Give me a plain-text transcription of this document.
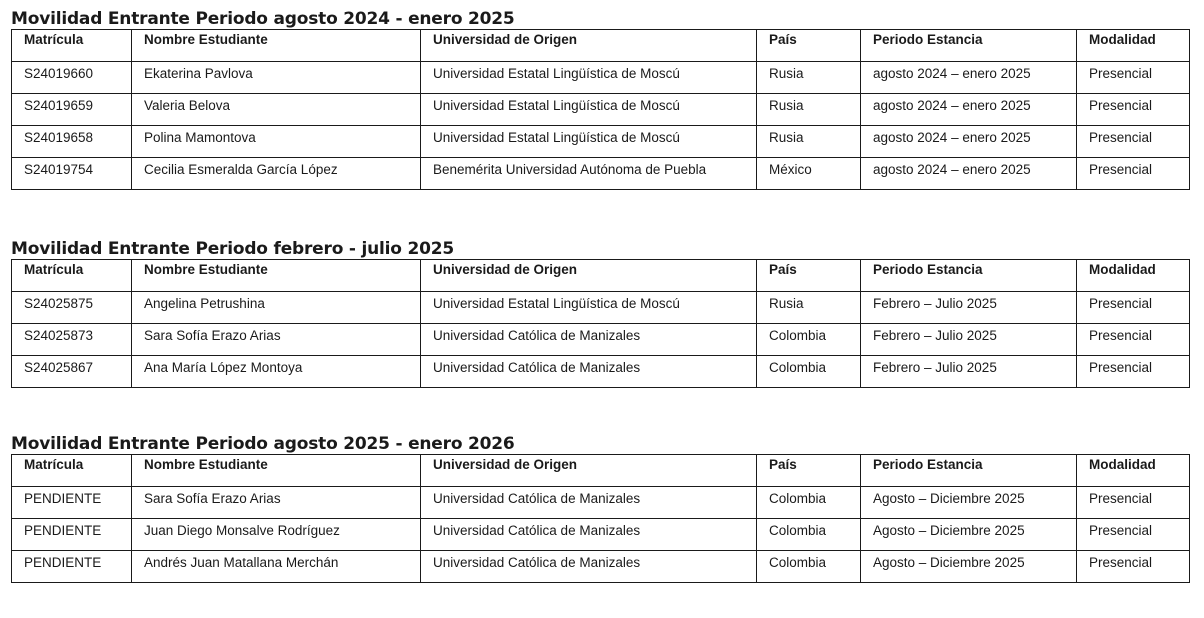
Movilidad Entrante Periodo agosto 2024 - enero 2025
Matrícula	Nombre Estudiante	Universidad de Origen	País	Periodo Estancia	Modalidad
S24019660	Ekaterina Pavlova	Universidad Estatal Lingüística de Moscú	Rusia	agosto 2024 – enero 2025	Presencial
S24019659	Valeria Belova	Universidad Estatal Lingüística de Moscú	Rusia	agosto 2024 – enero 2025	Presencial
S24019658	Polina Mamontova	Universidad Estatal Lingüística de Moscú	Rusia	agosto 2024 – enero 2025	Presencial
S24019754	Cecilia Esmeralda García López	Benemérita Universidad Autónoma de Puebla	México	agosto 2024 – enero 2025	Presencial
Movilidad Entrante Periodo febrero - julio 2025
Matrícula	Nombre Estudiante	Universidad de Origen	País	Periodo Estancia	Modalidad
S24025875	Angelina Petrushina	Universidad Estatal Lingüística de Moscú	Rusia	Febrero – Julio 2025	Presencial
S24025873	Sara Sofía Erazo Arias	Universidad Católica de Manizales	Colombia	Febrero – Julio 2025	Presencial
S24025867	Ana María López Montoya	Universidad Católica de Manizales	Colombia	Febrero – Julio 2025	Presencial
Movilidad Entrante Periodo agosto 2025 - enero 2026
Matrícula	Nombre Estudiante	Universidad de Origen	País	Periodo Estancia	Modalidad
PENDIENTE	Sara Sofía Erazo Arias	Universidad Católica de Manizales	Colombia	Agosto – Diciembre 2025	Presencial
PENDIENTE	Juan Diego Monsalve Rodríguez	Universidad Católica de Manizales	Colombia	Agosto – Diciembre 2025	Presencial
PENDIENTE	Andrés Juan Matallana Merchán	Universidad Católica de Manizales	Colombia	Agosto – Diciembre 2025	Presencial
